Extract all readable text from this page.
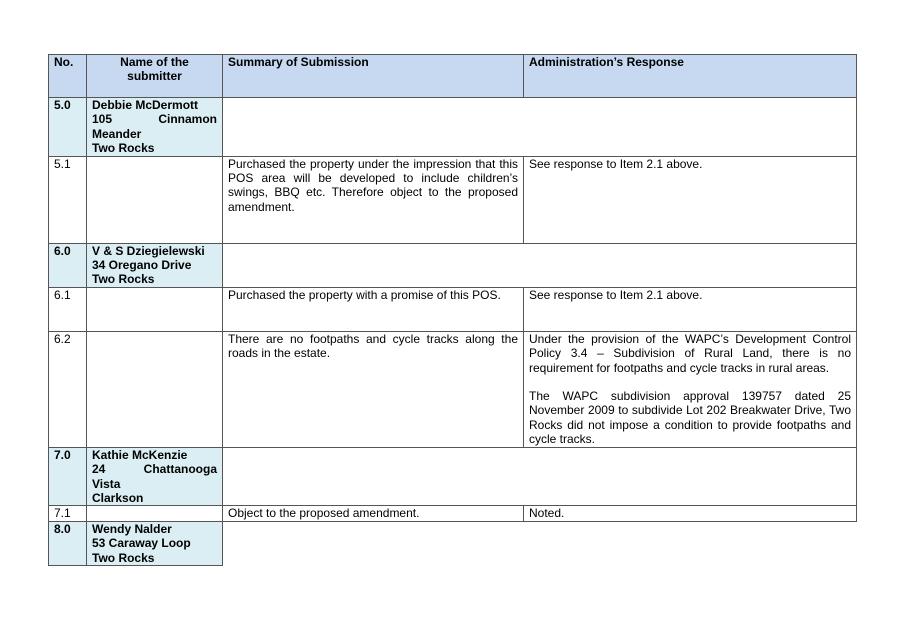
No.	Name of the submitter	Summary of Submission	Administration’s Response
5.0	Debbie McDermott
105 Cinnamon
Meander
Two Rocks		

5.1		Purchased the property under the impression that this POS area will be developed to include children’s swings, BBQ etc. Therefore object to the proposed amendment.	See response to Item 2.1 above.

6.0	V & S Dziegielewski
34 Oregano Drive
Two Rocks		

6.1		Purchased the property with a promise of this POS.	See response to Item 2.1 above.

6.2		There are no footpaths and cycle tracks along the roads in the estate.	Under the provision of the WAPC’s Development Control Policy 3.4 – Subdivision of Rural Land, there is no requirement for footpaths and cycle tracks in rural areas.

The WAPC subdivision approval 139757 dated 25 November 2009 to subdivide Lot 202 Breakwater Drive, Two Rocks did not impose a condition to provide footpaths and cycle tracks.

7.0	Kathie McKenzie
24 Chattanooga
Vista
Clarkson		

7.1		Object to the proposed amendment.	Noted.

8.0	Wendy Nalder
53 Caraway Loop
Two Rocks		
